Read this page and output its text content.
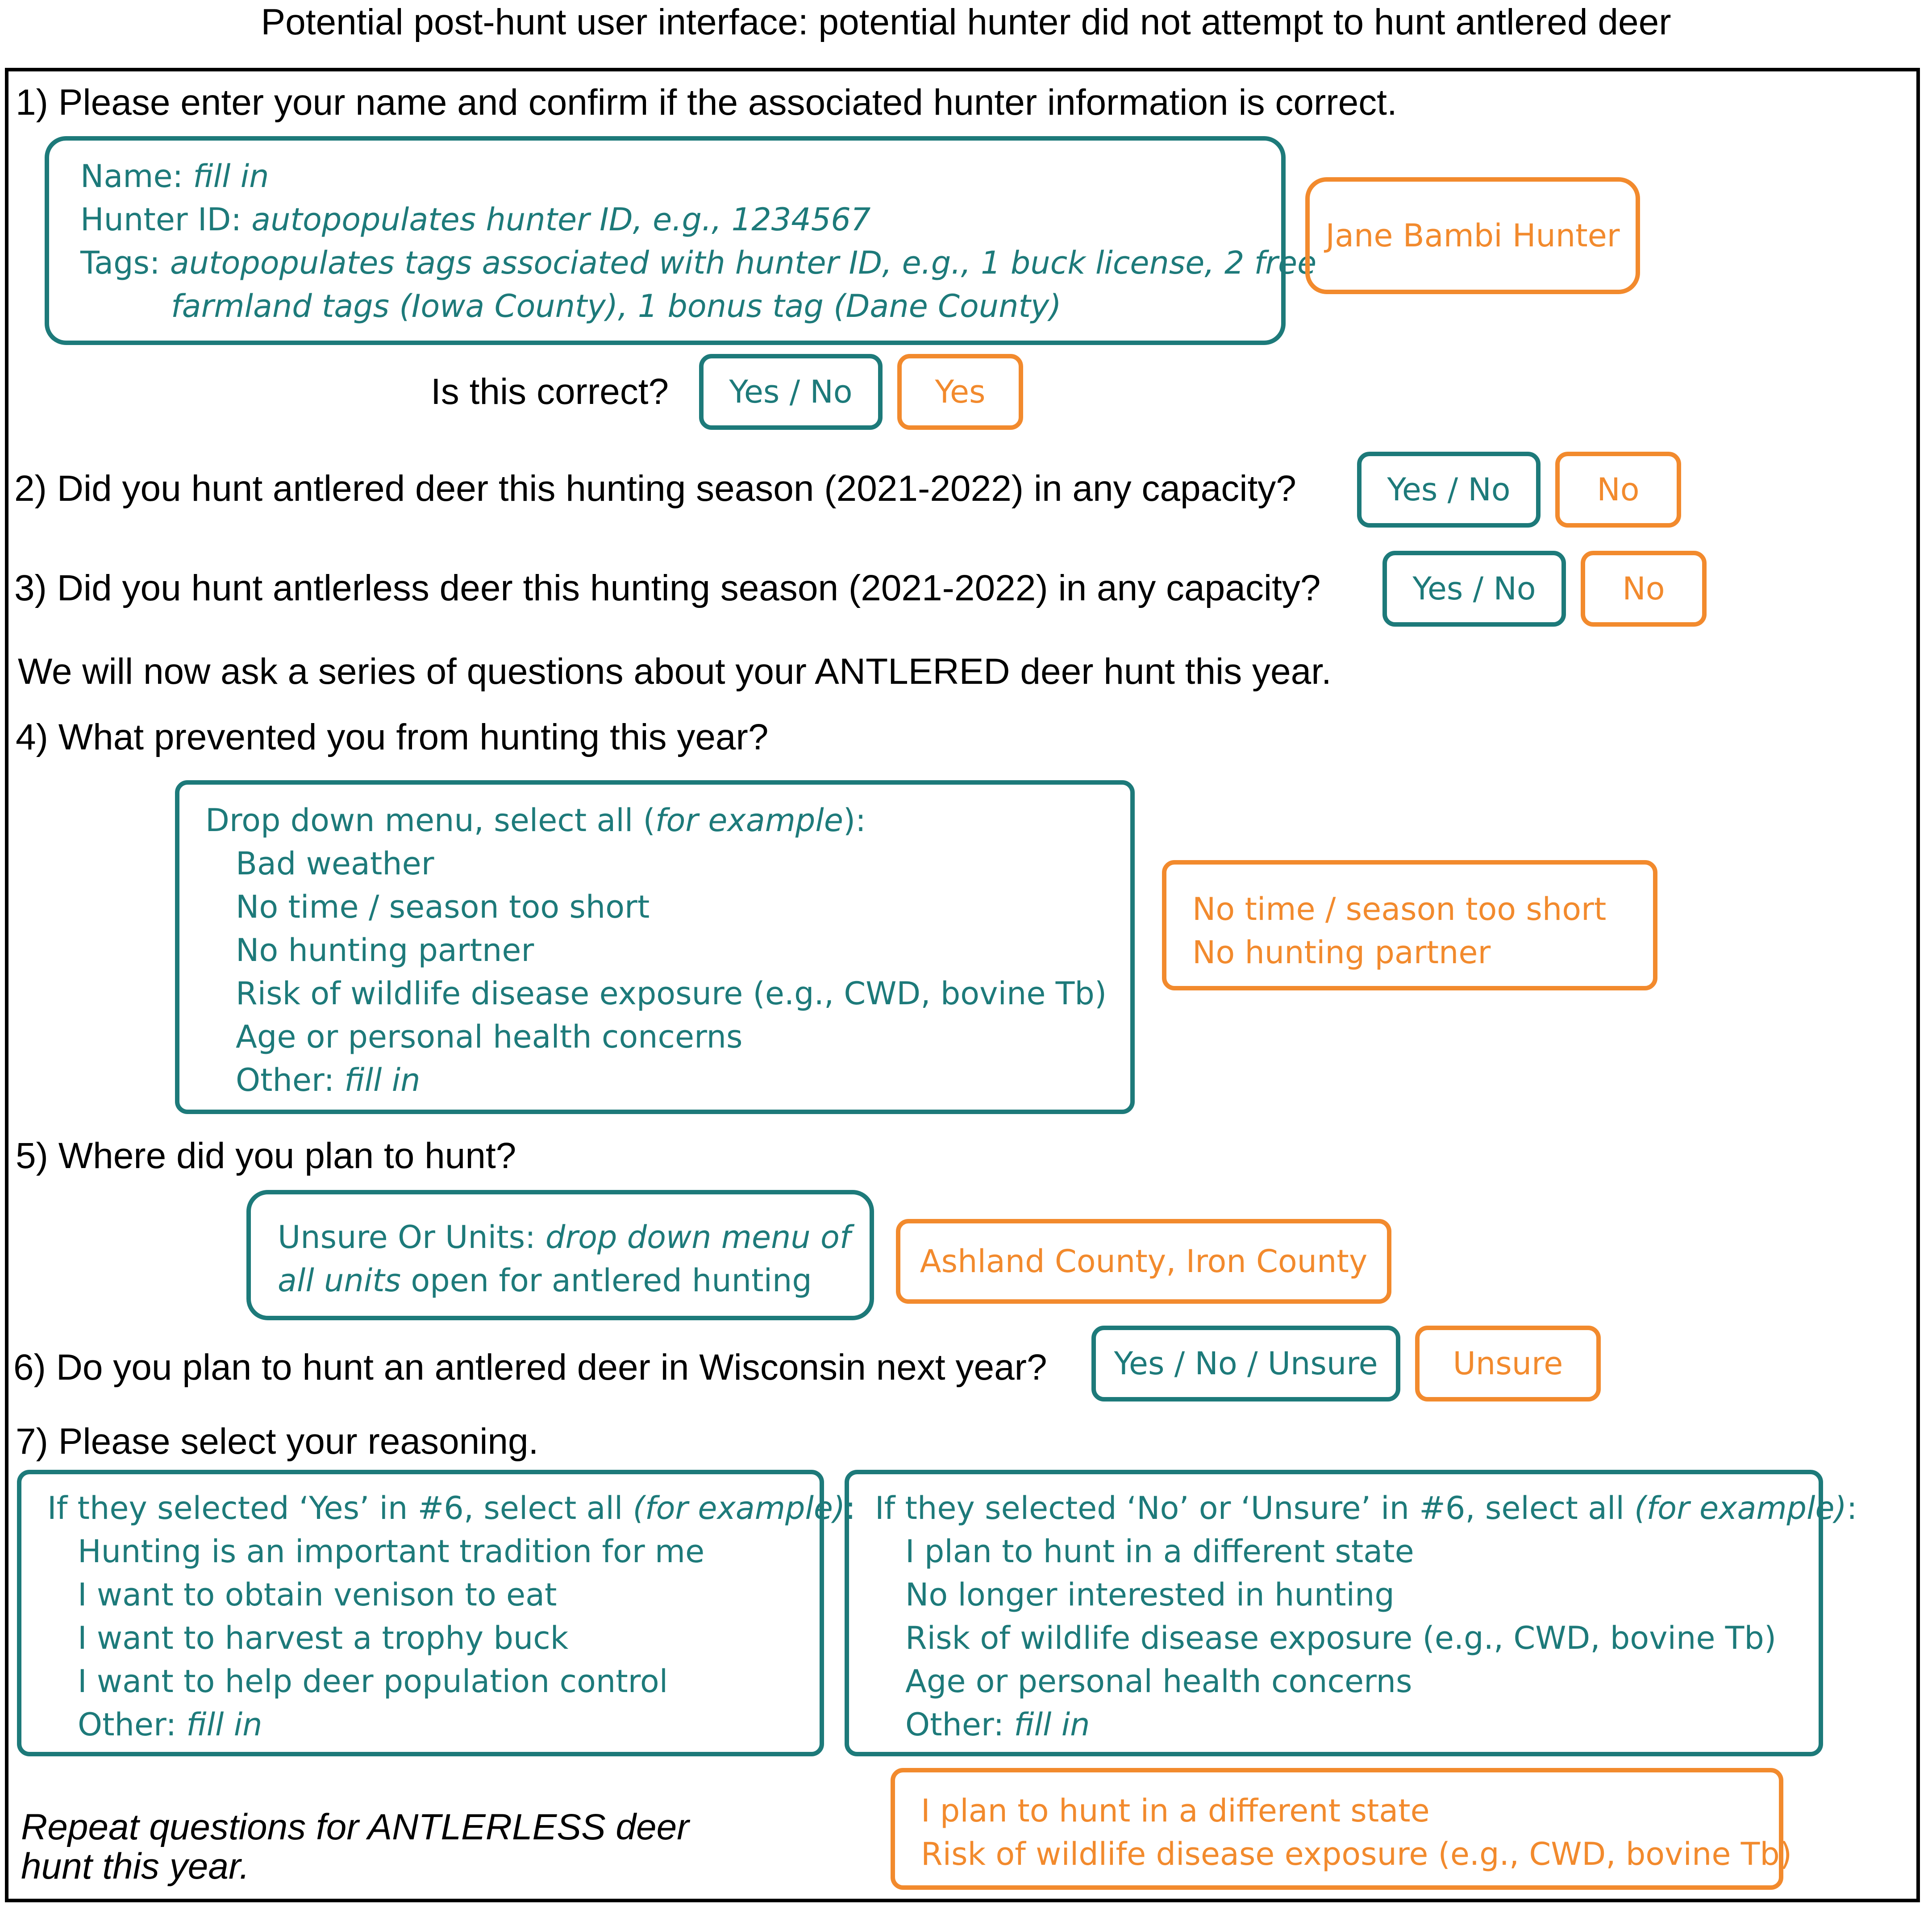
Potential post-hunt user interface: potential hunter did not attempt to hunt antlered deer
1) Please enter your name and confirm if the associated hunter information is correct.
Name: fill in
Hunter ID: autopopulates hunter ID, e.g., 1234567
Tags: autopopulates tags associated with hunter ID, e.g., 1 buck license, 2 free
farmland tags (Iowa County), 1 bonus tag (Dane County)
Jane Bambi Hunter
Is this correct?	Yes / No	Yes
2) Did you hunt antlered deer this hunting season (2021-2022) in any capacity?	Yes / No	No
3) Did you hunt antlerless deer this hunting season (2021-2022) in any capacity?	Yes / No	No
We will now ask a series of questions about your ANTLERED deer hunt this year.
4) What prevented you from hunting this year?
Drop down menu, select all (for example):
Bad weather
No time / season too short
No hunting partner
Risk of wildlife disease exposure (e.g., CWD, bovine Tb)
Age or personal health concerns
Other: fill in
No time / season too short
No hunting partner
5) Where did you plan to hunt?
Unsure Or Units: drop down menu of
all units open for antlered hunting
Ashland County, Iron County
6) Do you plan to hunt an antlered deer in Wisconsin next year?	Yes / No / Unsure	Unsure
7) Please select your reasoning.
If they selected ‘Yes’ in #6, select all (for example):
Hunting is an important tradition for me
I want to obtain venison to eat
I want to harvest a trophy buck
I want to help deer population control
Other: fill in
If they selected ‘No’ or ‘Unsure’ in #6, select all (for example):
I plan to hunt in a different state
No longer interested in hunting
Risk of wildlife disease exposure (e.g., CWD, bovine Tb)
Age or personal health concerns
Other: fill in
I plan to hunt in a different state
Risk of wildlife disease exposure (e.g., CWD, bovine Tb)
Repeat questions for ANTLERLESS deer
hunt this year.
